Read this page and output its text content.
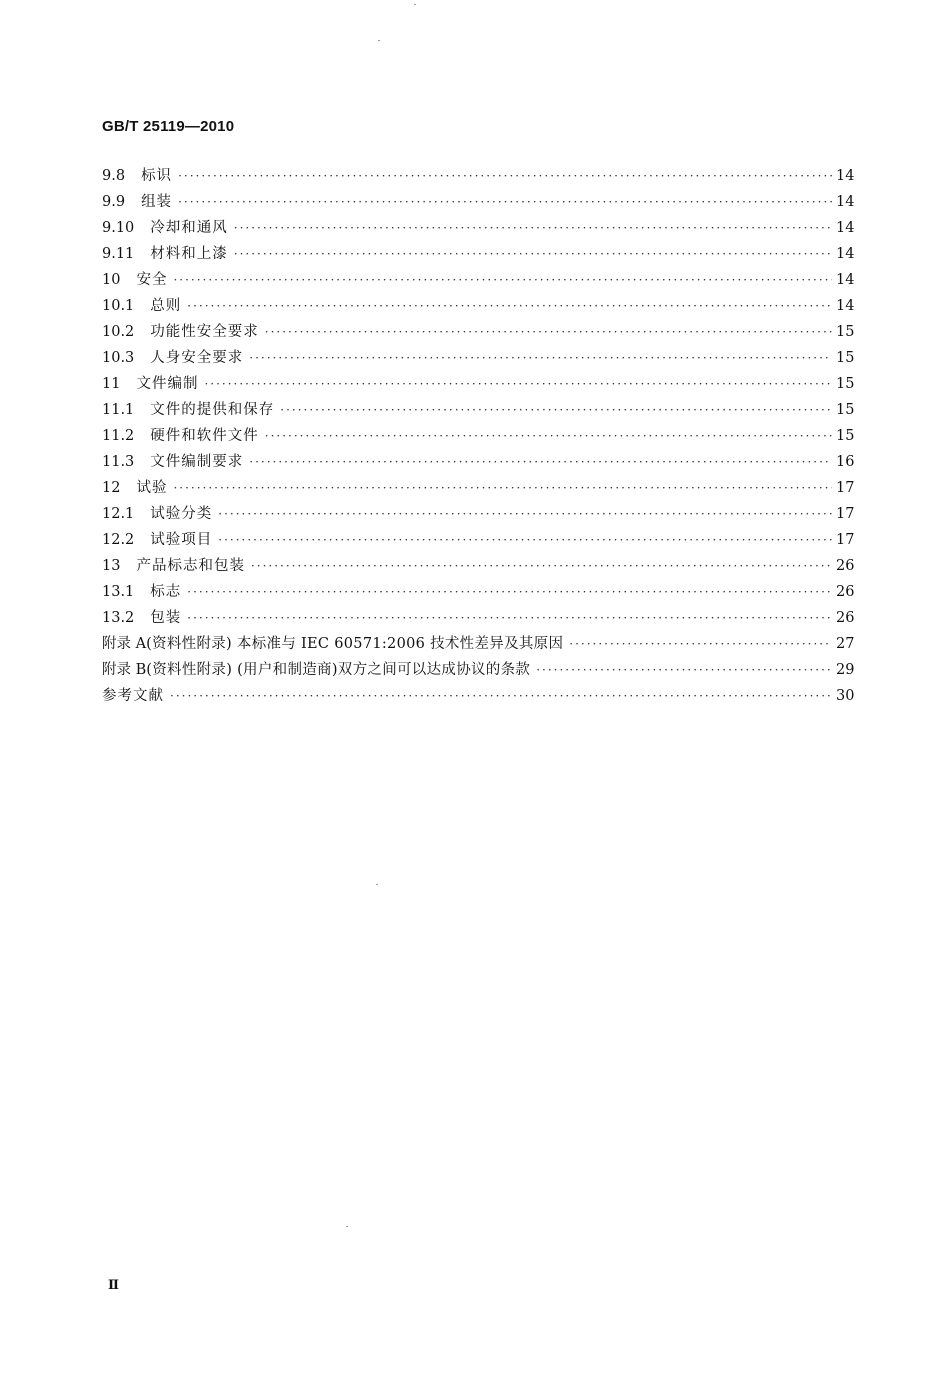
GB/T 25119—2010
9.8 标识 ·····	14
9.9 组装 ·····	14
9.10 冷却和通风 ·····	14
9.11 材料和上漆 ·····	14
10 安全 ·····	14
10.1 总则 ·····	14
10.2 功能性安全要求 ·····	15
10.3 人身安全要求 ·····	15
11 文件编制 ·····	15
11.1 文件的提供和保存 ·····	15
11.2 硬件和软件文件 ·····	15
11.3 文件编制要求 ·····	16
12 试验 ·····	17
12.1 试验分类 ·····	17
12.2 试验项目 ·····	17
13 产品标志和包装 ·····	26
13.1 标志 ·····	26
13.2 包装 ·····	26
附录 A (资料性附录) 本标准与 IEC 60571:2006 技术性差异及其原因 ·····	27
附录 B (资料性附录) (用户和制造商)双方之间可以达成协议的条款 ·····	29
参考文献 ·····	30
Ⅱ
